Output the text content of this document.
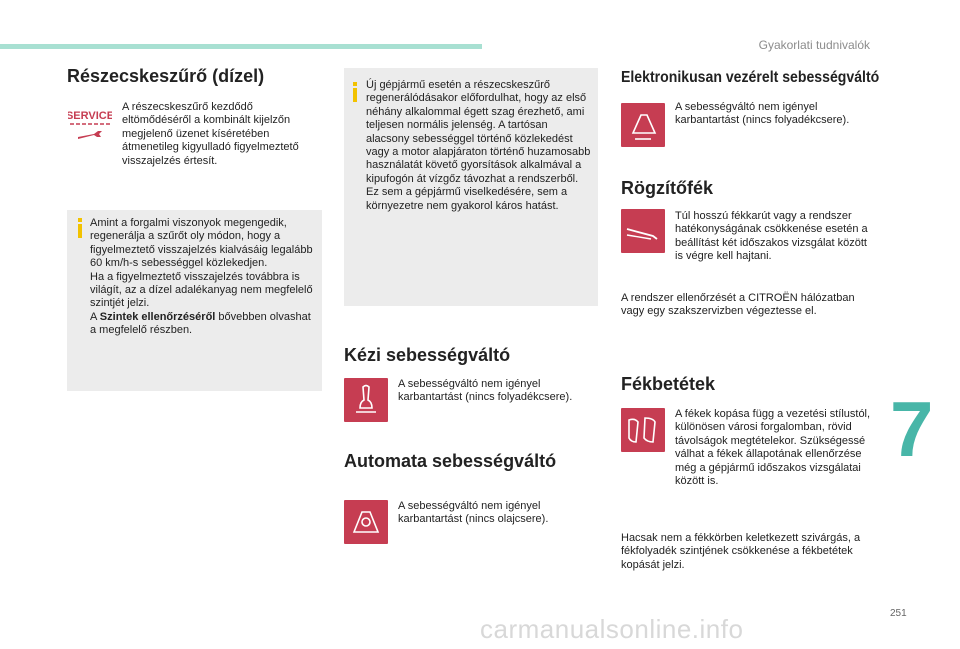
Gyakorlati tudnivalók
Részecskeszűrő (dízel)
SERVICE
A részecskeszűrő kezdődő eltömődéséről a kombinált kijelzőn megjelenő üzenet kíséretében átmenetileg kigyulladó figyelmeztető visszajelzés értesít.
Amint a forgalmi viszonyok megengedik, regenerálja a szűrőt oly módon, hogy a figyelmeztető visszajelzés kialvásáig legalább 60 km/h-s sebességgel közlekedjen.
Ha a figyelmeztető visszajelzés továbbra is világít, az a dízel adalékanyag nem megfelelő szintjét jelzi.
A Szintek ellenőrzéséről bővebben olvashat a megfelelő részben.
Új gépjármű esetén a részecskeszűrő regenerálódásakor előfordulhat, hogy az első néhány alkalommal égett szag érezhető, ami teljesen normális jelenség. A tartósan alacsony sebességgel történő közlekedést vagy a motor alapjáraton történő huzamosabb használatát követő gyorsítások alkalmával a kipufogón át vízgőz távozhat a rendszerből. Ez sem a gépjármű viselkedésére, sem a környezetre nem gyakorol káros hatást.
Kézi sebességváltó
A sebességváltó nem igényel karbantartást (nincs folyadékcsere).
Automata sebességváltó
A sebességváltó nem igényel karbantartást (nincs olajcsere).
Elektronikusan vezérelt sebességváltó
A sebességváltó nem igényel karbantartást (nincs folyadékcsere).
Rögzítőfék
Túl hosszú fékkarút vagy a rendszer hatékonyságának csökkenése esetén a beállítást két időszakos vizsgálat között is végre kell hajtani.
A rendszer ellenőrzését a CITROËN hálózatban vagy egy szakszervizben végeztesse el.
Fékbetétek
A fékek kopása függ a vezetési stílustól, különösen városi forgalomban, rövid távolságok megtételekor. Szükségessé válhat a fékek állapotának ellenőrzése még a gépjármű időszakos vizsgálatai között is.
Hacsak nem a fékkörben keletkezett szivárgás, a fékfolyadék szintjének csökkenése a fékbetétek kopását jelzi.
7
251
carmanualsonline.info
